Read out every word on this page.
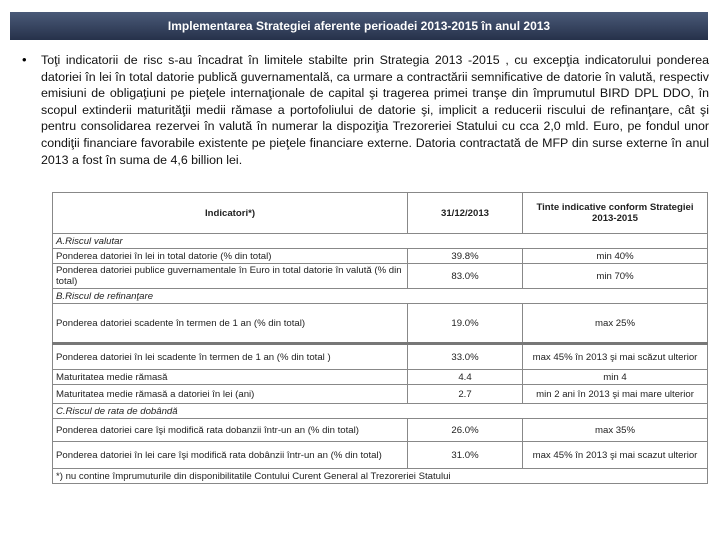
Implementarea Strategiei aferente perioadei 2013-2015 în anul 2013
• Toţi indicatorii de risc s-au încadrat în limitele stabilte prin Strategia 2013 -2015 , cu excepţia indicatorului ponderea datoriei în lei în total datorie publică guvernamentală, ca urmare a contractării semnificative de datorie în valută, respectiv emisiuni de obligaţiuni pe pieţele internaţionale de capital şi tragerea primei tranşe din împrumutul BIRD DPL DDO, în scopul extinderii maturităţii medii rămase a portofoliului de datorie şi, implicit a reducerii riscului de refinanţare, cât şi pentru consolidarea rezervei în valută în numerar la dispoziţia Trezoreriei Statului cu cca 2,0 mld. Euro, pe fondul unor condiţii financiare favorabile existente pe pieţele financiare externe. Datoria contractată de MFP din surse externe în anul 2013 a fost în suma de 4,6 billion lei.
Indicatori*)	31/12/2013	Tinte indicative conform Strategiei 2013-2015
A.Riscul valutar		
Ponderea datoriei în lei in total datorie (% din total)	39.8%	min 40%
Ponderea datoriei publice guvernamentale în Euro in total datorie în valută (% din total)	83.0%	min 70%
B.Riscul de refinanţare		
Ponderea datoriei scadente în termen de 1 an (% din total)	19.0%	max 25%
Ponderea datoriei în lei scadente în termen de 1 an (% din total )	33.0%	max 45% în 2013 şi mai scăzut ulterior
Maturitatea medie rămasă	4.4	min 4
Maturitatea medie rămasă a datoriei în lei (ani)	2.7	min 2 ani în 2013 şi mai mare ulterior
C.Riscul de rata de dobândă		
Ponderea datoriei care îşi modifică rata dobanzii într-un an (% din total)	26.0%	max 35%
Ponderea datoriei în lei care îşi modifică rata dobânzii într-un an (% din total)	31.0%	max 45% în 2013 şi mai scazut ulterior
*) nu contine împrumuturile din disponibilitatile Contului Curent General al Trezoreriei Statului		
